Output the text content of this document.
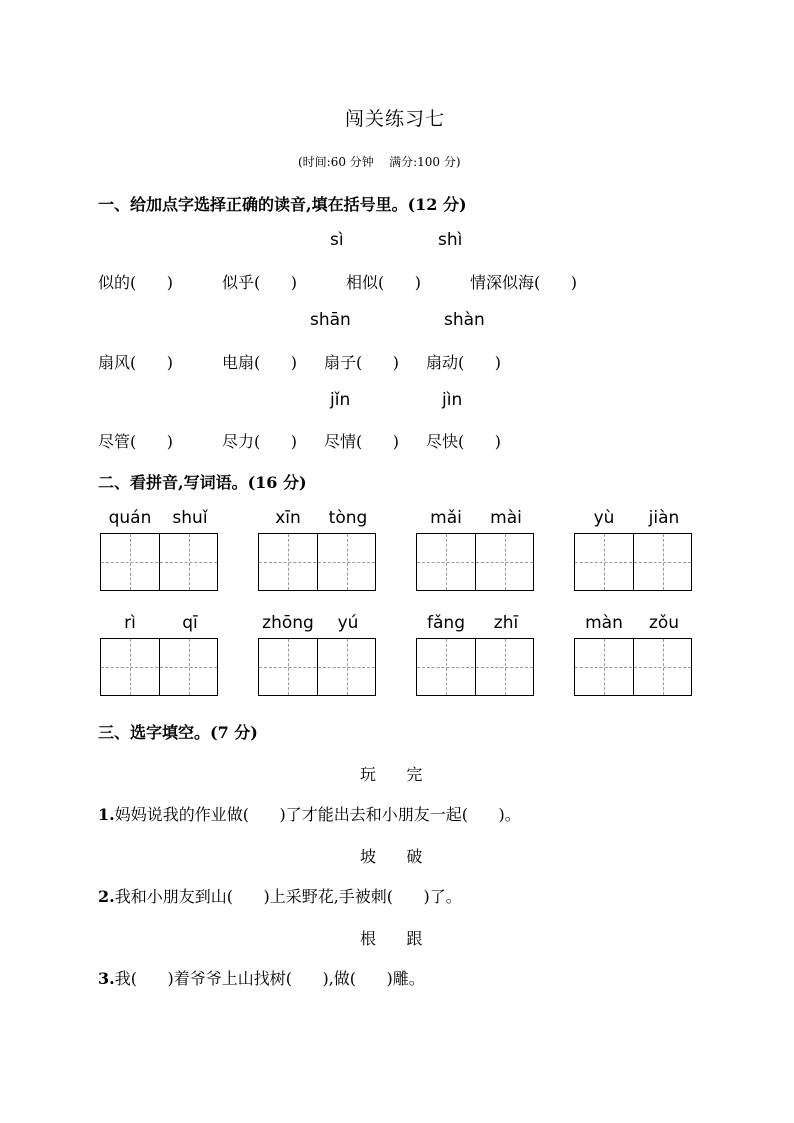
闯关练习七
(时间:60 分钟    满分:100 分)
一、给加点字选择正确的读音,填在括号里。(12 分)
sì	shì
似的(      )	似乎(      )	相似(      )	情深似海(      )
shān	shàn
扇风(      )	电扇(      ) 扇子(      ) 扇动(      )
jǐn	jìn
尽管(      )	尽力(      ) 尽情(      ) 尽快(      )
二、看拼音,写词语。(16 分)
quán	shuǐ	xīn	tòng	mǎi	mài	yù	jiàn
rì	qī	zhōng	yú	fǎng	zhī	màn	zǒu
三、选字填空。(7 分)
玩    完
1.妈妈说我的作业做(      )了才能出去和小朋友一起(      )。
坡    破
2.我和小朋友到山(      )上采野花,手被刺(      )了。
根    跟
3.我(      )着爷爷上山找树(      ),做(      )雕。
